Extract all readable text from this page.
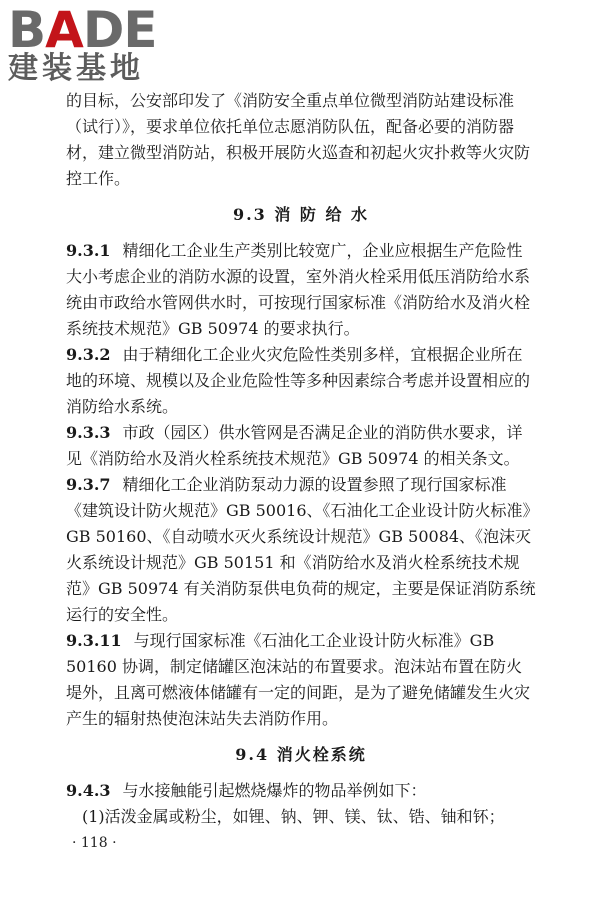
BADE
建装基地

的目标，公安部印发了《消防安全重点单位微型消防站建设标准（试行）》，要求单位依托单位志愿消防队伍，配备必要的消防器材，建立微型消防站，积极开展防火巡查和初起火灾扑救等火灾防控工作。

9.3 消 防 给 水

9.3.1 精细化工企业生产类别比较宽广，企业应根据生产危险性大小考虑企业的消防水源的设置，室外消火栓采用低压消防给水系统由市政给水管网供水时，可按现行国家标准《消防给水及消火栓系统技术规范》GB 50974 的要求执行。

9.3.2 由于精细化工企业火灾危险性类别多样，宜根据企业所在地的环境、规模以及企业危险性等多种因素综合考虑并设置相应的消防给水系统。

9.3.3 市政（园区）供水管网是否满足企业的消防供水要求，详见《消防给水及消火栓系统技术规范》GB 50974 的相关条文。

9.3.7 精细化工企业消防泵动力源的设置参照了现行国家标准《建筑设计防火规范》GB 50016、《石油化工企业设计防火标准》GB 50160、《自动喷水灭火系统设计规范》GB 50084、《泡沫灭火系统设计规范》GB 50151 和《消防给水及消火栓系统技术规范》GB 50974 有关消防泵供电负荷的规定，主要是保证消防系统运行的安全性。

9.3.11 与现行国家标准《石油化工企业设计防火标准》GB 50160 协调，制定储罐区泡沫站的布置要求。泡沫站布置在防火堤外，且离可燃液体储罐有一定的间距，是为了避免储罐发生火灾产生的辐射热使泡沫站失去消防作用。

9.4 消火栓系统

9.4.3 与水接触能引起燃烧爆炸的物品举例如下：

(1)活泼金属或粉尘，如锂、钠、钾、镁、钛、锆、铀和钚；

· 118 ·
